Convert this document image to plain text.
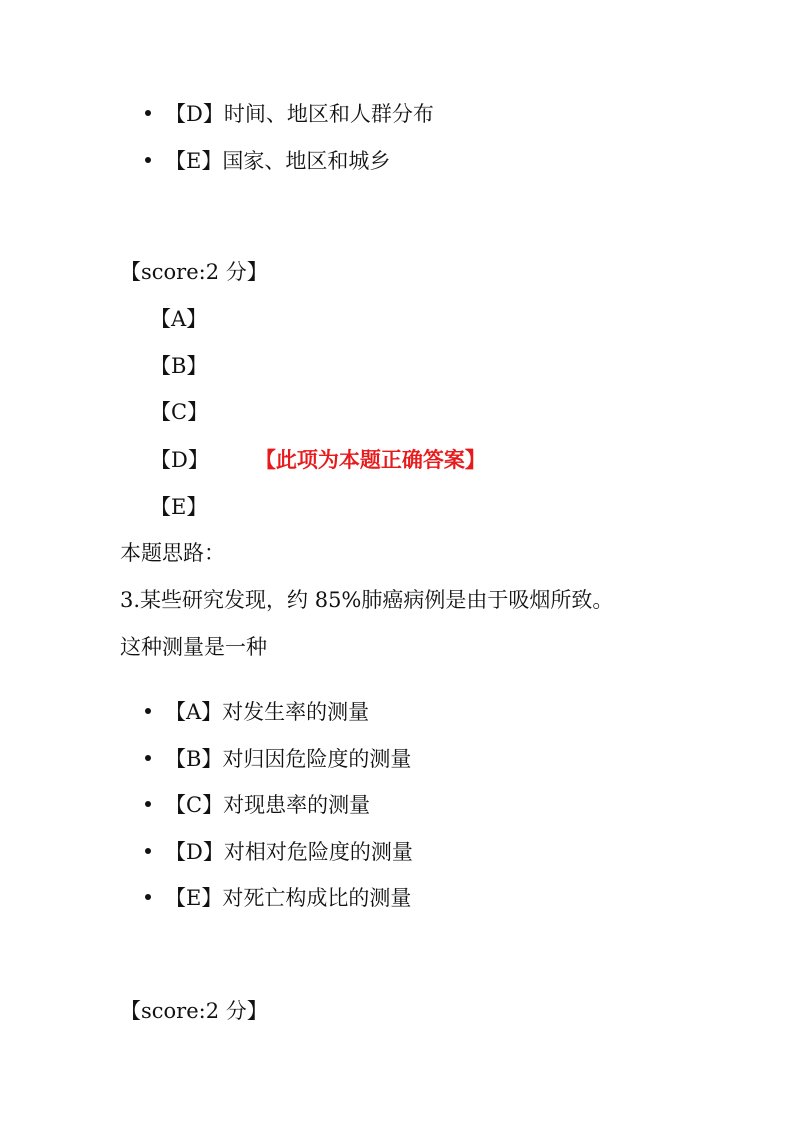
【D】 时间、地区和人群分布
【E】 国家、地区和城乡
【score:2 分】
【A】
【B】
【C】
【D】 【此项为本题正确答案】
【E】
本题思路：
3.某些研究发现，约 85%肺癌病例是由于吸烟所致。
这种测量是一种
【A】 对发生率的测量
【B】 对归因危险度的测量
【C】 对现患率的测量
【D】 对相对危险度的测量
【E】 对死亡构成比的测量
【score:2 分】
